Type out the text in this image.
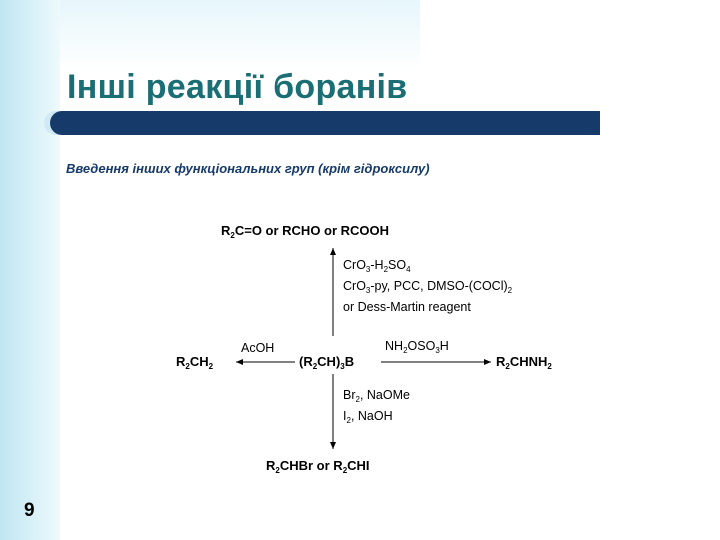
Інші реакції боранів
Введення інших функціональних груп (крім гідроксилу)
$R_2C=O$ or RCHO or RCOOH
$CrO_3-H_2SO_4$
CrO$_3$-py, PCC, DMSO-$(COCl)_2$
or Dess-Martin reagent
AcOH	$NH_2OSO_3H$
$R_2CH_2$	$(R_2CH)_3B$	$R_2CHNH_2$
$Br_2$, NaOMe
$I_2$, NaOH
$R_2CHBr$ or $R_2CHI$
9
